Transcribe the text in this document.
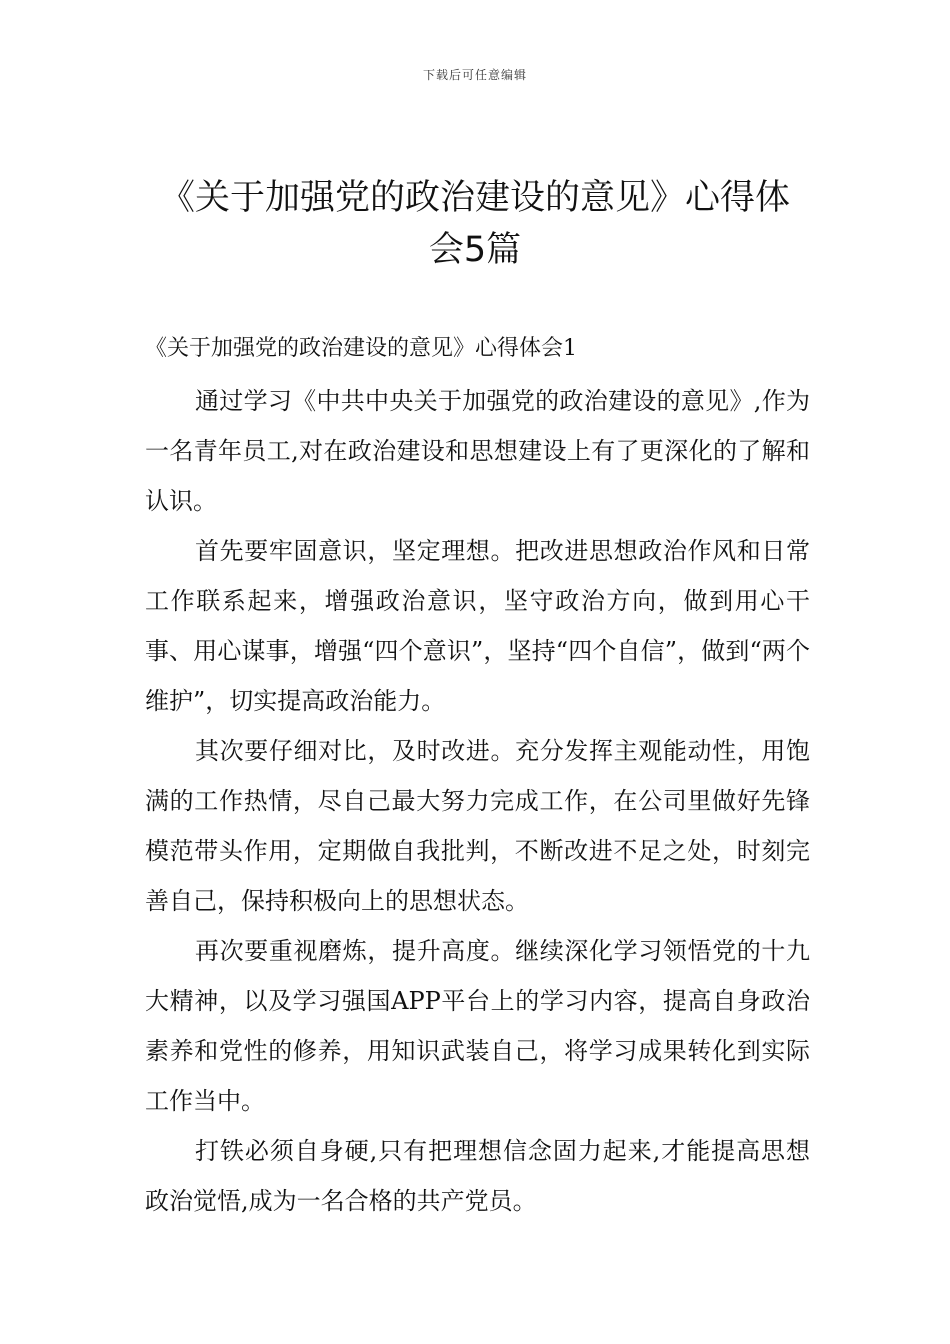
下载后可任意编辑
《关于加强党的政治建设的意见》心得体
会5篇
《关于加强党的政治建设的意见》心得体会1

通过学习《中共中央关于加强党的政治建设的意见》,作为一名青年员工,对在政治建设和思想建设上有了更深化的了解和认识。

首先要牢固意识，坚定理想。把改进思想政治作风和日常工作联系起来，增强政治意识，坚守政治方向，做到用心干事、用心谋事，增强“四个意识”，坚持“四个自信”，做到“两个维护”，切实提高政治能力。

其次要仔细对比，及时改进。充分发挥主观能动性，用饱满的工作热情，尽自己最大努力完成工作，在公司里做好先锋模范带头作用，定期做自我批判，不断改进不足之处，时刻完善自己，保持积极向上的思想状态。

再次要重视磨炼，提升高度。继续深化学习领悟党的十九大精神，以及学习强国APP平台上的学习内容，提高自身政治素养和党性的修养，用知识武装自己，将学习成果转化到实际工作当中。

打铁必须自身硬,只有把理想信念固力起来,才能提高思想政治觉悟,成为一名合格的共产党员。
